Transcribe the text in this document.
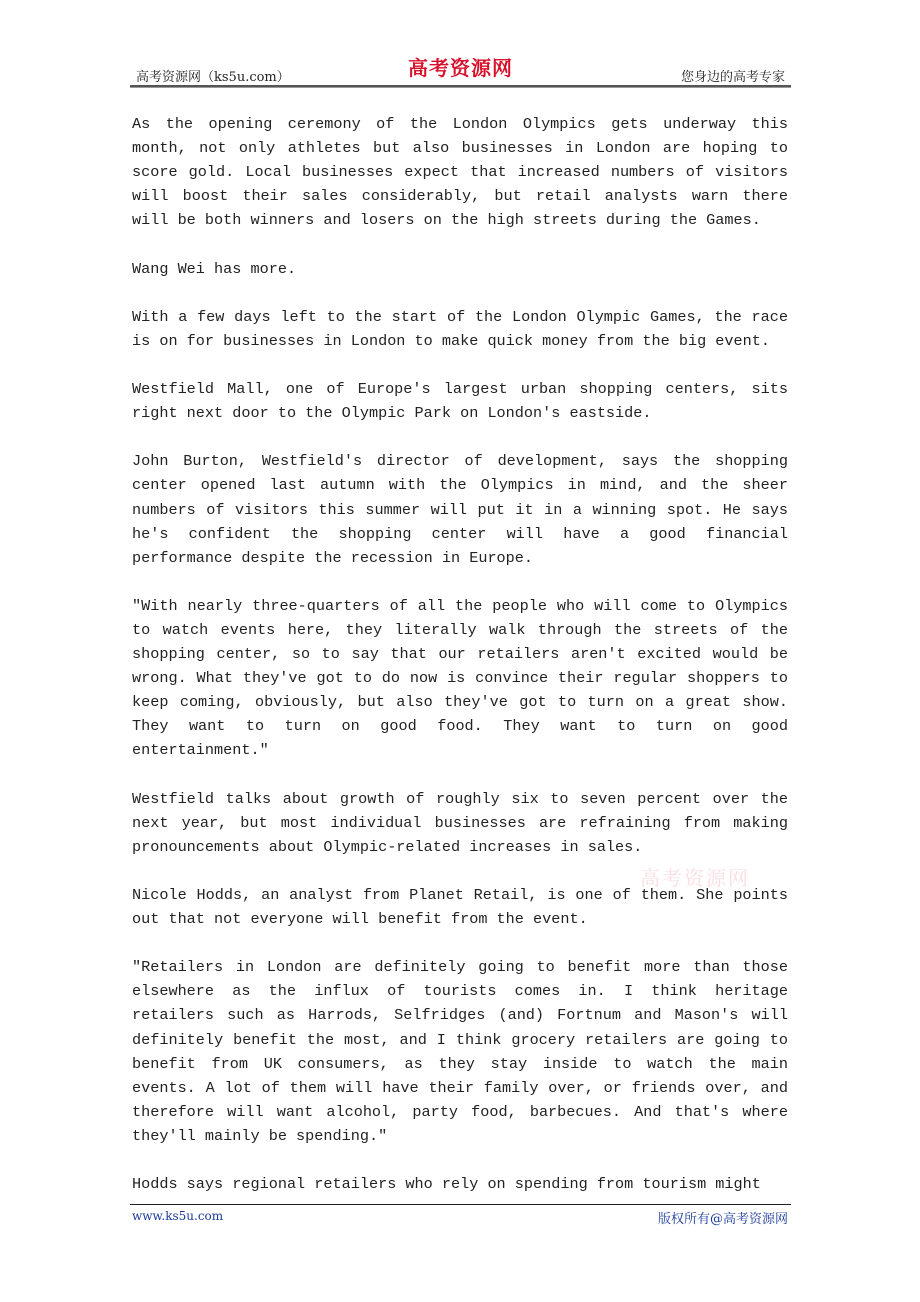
高考资源网（ks5u.com）	高考资源网	您身边的高考专家

As the opening ceremony of the London Olympics gets underway this month, not only athletes but also businesses in London are hoping to score gold. Local businesses expect that increased numbers of visitors will boost their sales considerably, but retail analysts warn there will be both winners and losers on the high streets during the Games.

Wang Wei has more.

With a few days left to the start of the London Olympic Games, the race is on for businesses in London to make quick money from the big event.

Westfield Mall, one of Europe's largest urban shopping centers, sits right next door to the Olympic Park on London's eastside.

John Burton, Westfield's director of development, says the shopping center opened last autumn with the Olympics in mind, and the sheer numbers of visitors this summer will put it in a winning spot. He says he's confident the shopping center will have a good financial performance despite the recession in Europe.

"With nearly three-quarters of all the people who will come to Olympics to watch events here, they literally walk through the streets of the shopping center, so to say that our retailers aren't excited would be wrong. What they've got to do now is convince their regular shoppers to keep coming, obviously, but also they've got to turn on a great show. They want to turn on good food. They want to turn on good entertainment."

Westfield talks about growth of roughly six to seven percent over the next year, but most individual businesses are refraining from making pronouncements about Olympic-related increases in sales.

Nicole Hodds, an analyst from Planet Retail, is one of them. She points out that not everyone will benefit from the event.

"Retailers in London are definitely going to benefit more than those elsewhere as the influx of tourists comes in. I think heritage retailers such as Harrods, Selfridges (and) Fortnum and Mason's will definitely benefit the most, and I think grocery retailers are going to benefit from UK consumers, as they stay inside to watch the main events. A lot of them will have their family over, or friends over, and therefore will want alcohol, party food, barbecues. And that's where they'll mainly be spending."

Hodds says regional retailers who rely on spending from tourism might

高考资源网
www.ks5u.com	版权所有@高考资源网
